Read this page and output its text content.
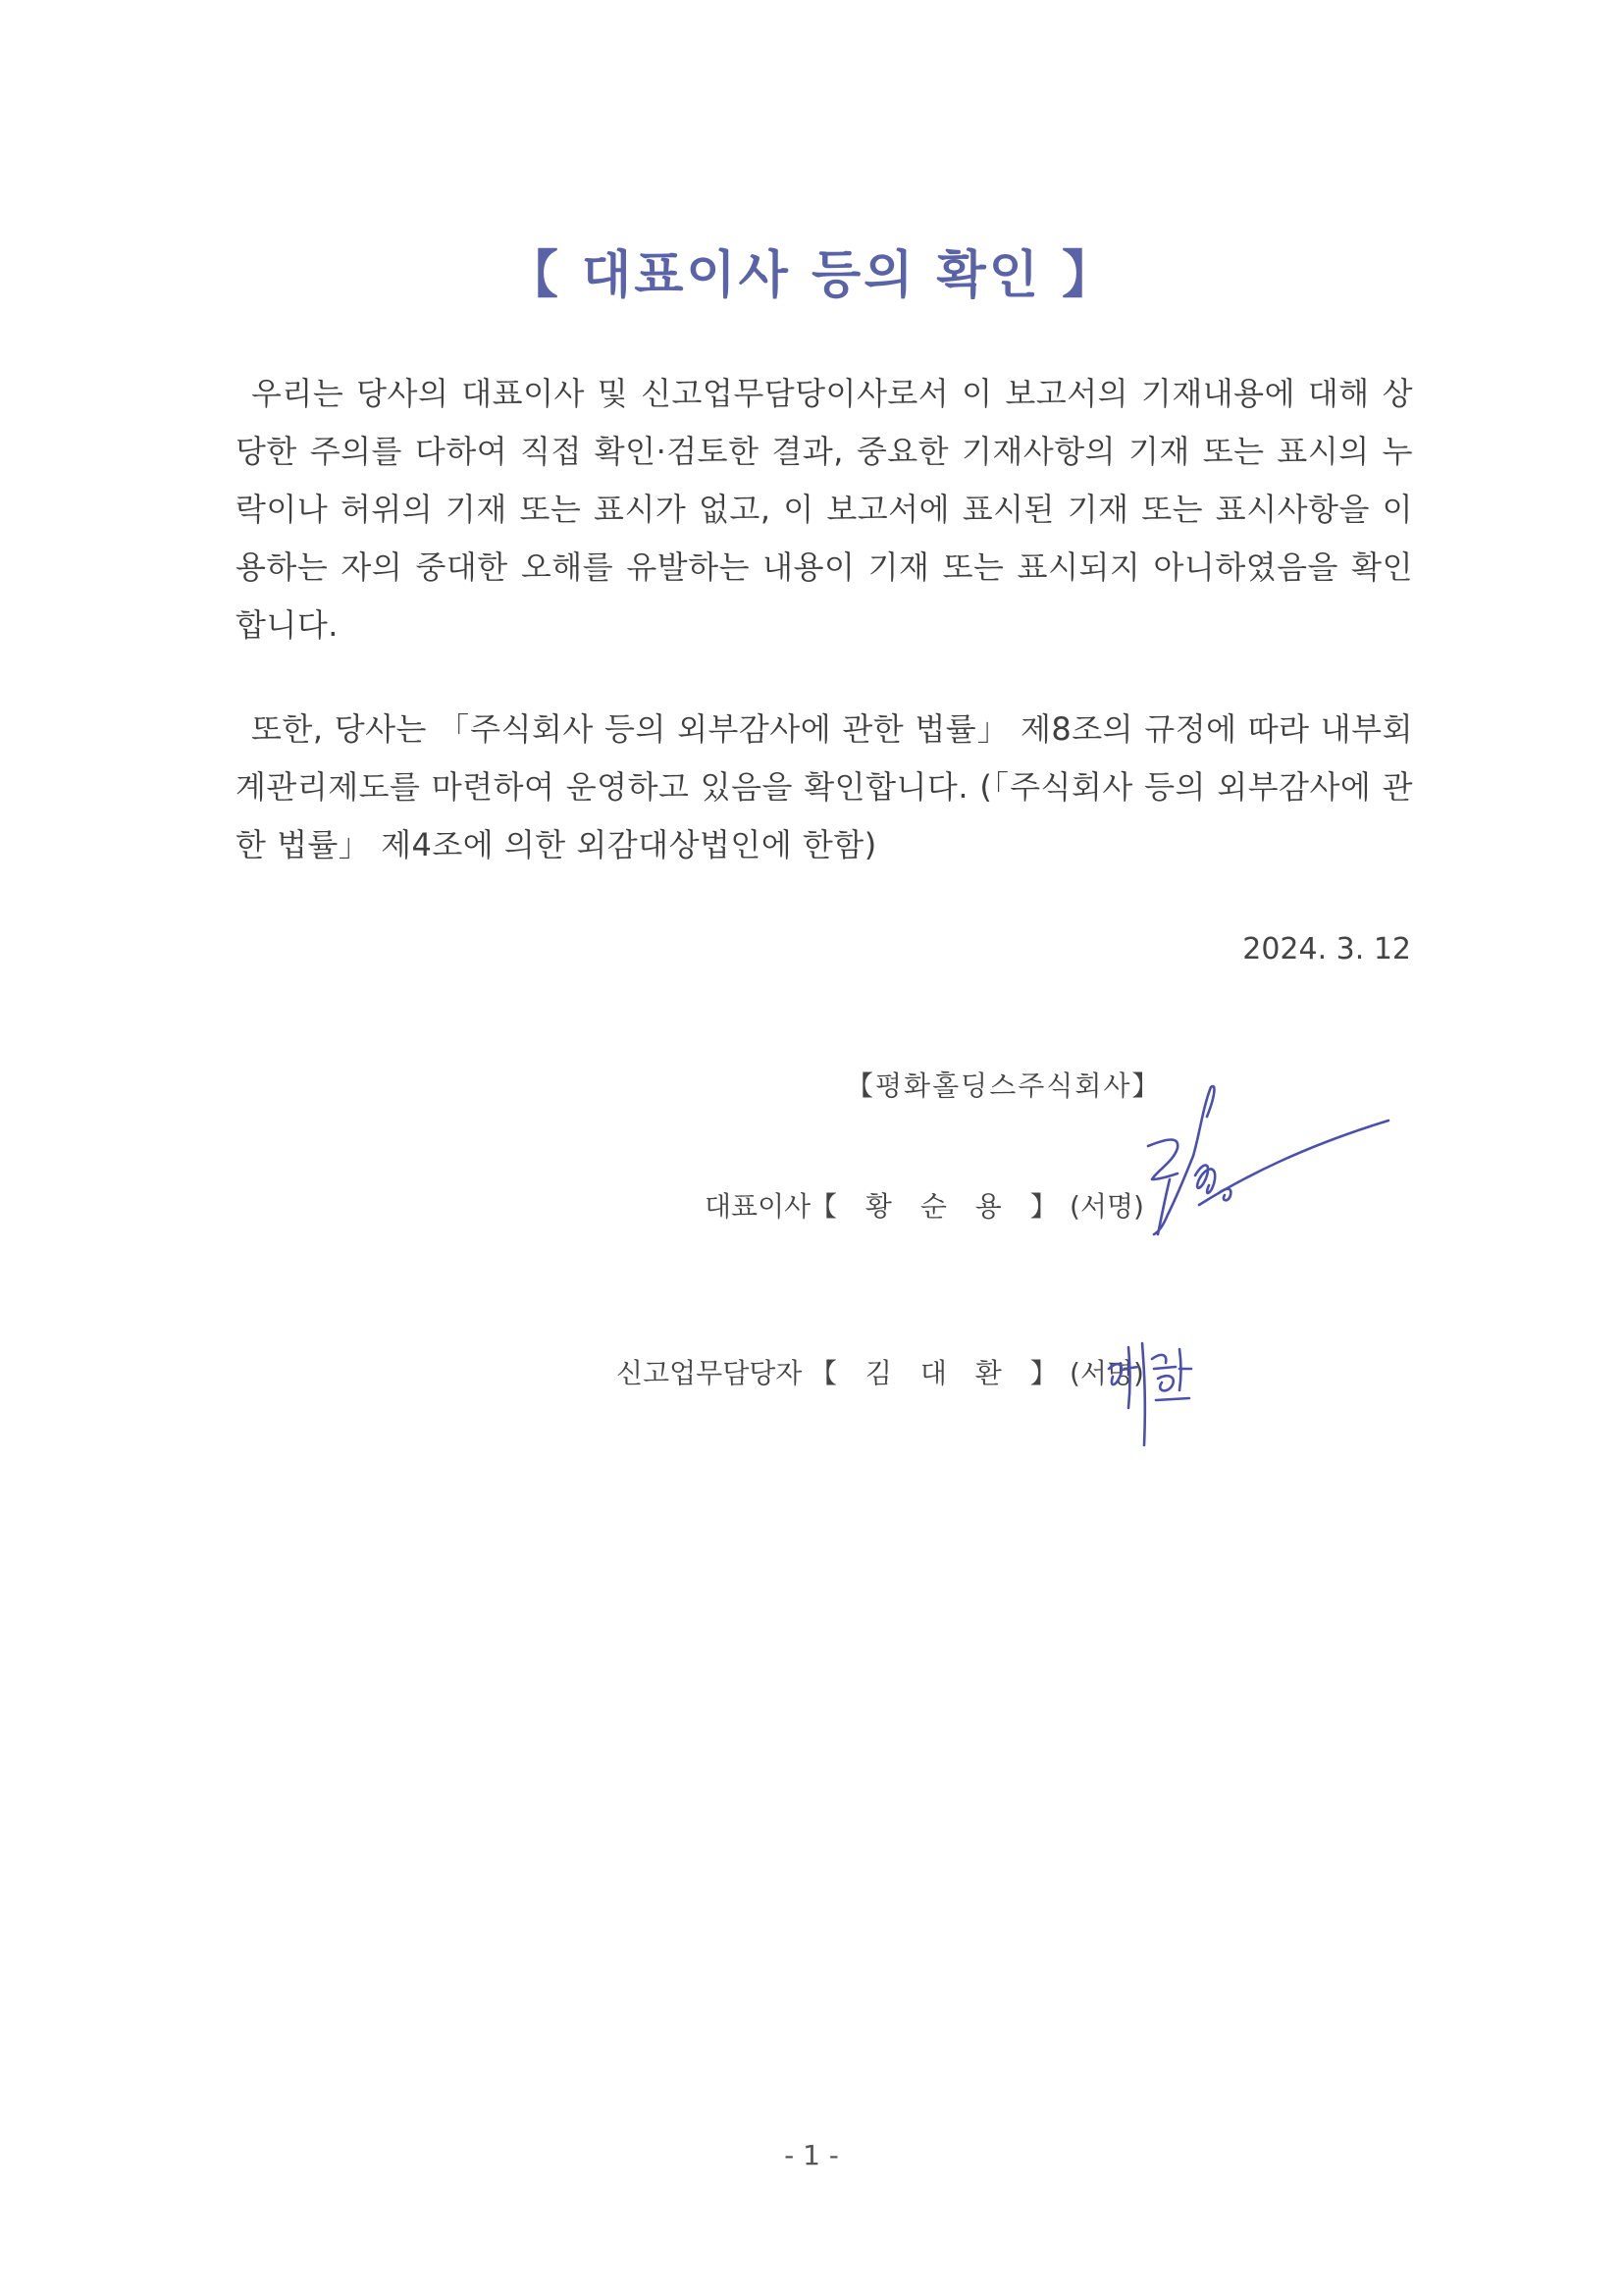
【 대표이사 등의 확인 】
우리는 당사의 대표이사 및 신고업무담당이사로서 이 보고서의 기재내용에 대해 상당한 주의를 다하여 직접 확인·검토한 결과, 중요한 기재사항의 기재 또는 표시의 누락이나 허위의 기재 또는 표시가 없고, 이 보고서에 표시된 기재 또는 표시사항을 이용하는 자의 중대한 오해를 유발하는 내용이 기재 또는 표시되지 아니하였음을 확인합니다.
또한, 당사는 「주식회사 등의 외부감사에 관한 법률」 제8조의 규정에 따라 내부회계관리제도를 마련하여 운영하고 있음을 확인합니다. (「주식회사 등의 외부감사에 관한 법률」 제4조에 의한 외감대상법인에 한함)
2024. 3. 12
【평화홀딩스주식회사】
대표이사
【 황 순 용 】 (서명)
신고업무담당자 【 김 대 환 】 (서명)
- 1 -
